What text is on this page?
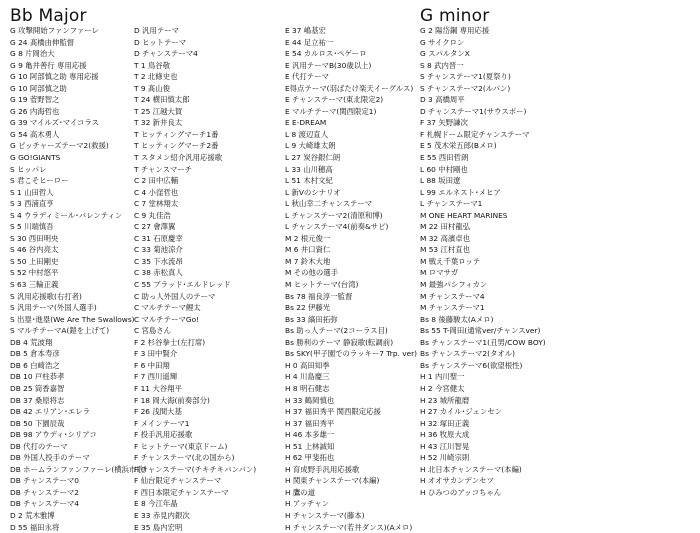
Bb Major	G minor
G 攻撃開始ファンファーレ
G 24 髙橋由伸監督
G 8 片岡治大
G 9 亀井善行 専用応援
G 10 阿部慎之助 専用応援
G 10 阿部慎之助
G 19 菅野智之
G 26 内海哲也
G 39 マイルズ･マイコラス
G 54 高木勇人
G ピッチャーズテーマ2(救援)
G GO!GIANTS
S ヒッパレ
S 君こそヒーロー
S 1 山田哲人
S 3 西浦直亨
S 4 ウラディミール･バレンティン
S 5 川端慎吾
S 30 西田明央
S 46 谷内亮太
S 50 上田剛史
S 52 中村悠平
S 63 三輪正義
S 汎用応援歌(右打者)
S 汎用テーマ(外国人選手)
S 出塁･進塁(We Are The Swallows)
S マルチテーマA(鎧を上げて)
DB 4 荒波翔
DB 5 倉本寿彦
DB 6 白崎浩之
DB 10 戸柱恭孝
DB 25 筒香嘉智
DB 37 桑原将志
DB 42 エリアン･エレラ
DB 50 下園辰哉
DB 98 アウディ･シリアコ
DB 代打のテーマ
DB 外国人投手のテーマ
DB ホームランファンファーレ(横浜市歌)
DB チャンステーマ0
DB チャンステーマ2
DB チャンステーマ4
D 2 荒木雅博
D 55 福田永将
D 汎用テーマ
D ヒットテーマ
D チャンステーマ4
T 1 鳥谷敬
T 2 北條史也
T 9 髙山俊
T 24 横田慎太郎
T 25 江越大賀
T 32 新井良太
T ヒッティングマーチ1番
T ヒッティングマーチ2番
T スタメン紹介汎用応援歌
T チャンスマーチ
C 2 田中広輔
C 4 小窪哲也
C 7 堂林翔太
C 9 丸佳浩
C 27 會澤翼
C 31 石原慶幸
C 33 菊池涼介
C 35 下水流昂
C 38 赤松真人
C 55 ブラッド･エルドレッド
C 助っ人外国人のテーマ
C マルチテーマ鯉太
C マルチテーマGo!
C 宮島さん
F 2 杉谷拳士(左打席)
F 3 田中賢介
F 6 中田翔
F 7 西川遥輝
F 11 大谷翔平
F 18 岡大海(前奏部分)
F 26 浅間大基
F メインテーマ1
F 投手汎用応援歌
F ヒットテーマ(東京ドーム)
F チャンステーマ(北の国から)
F チャンステーマ(チキチキバンバン)
F 仙台限定チャンステーマ
F 西日本限定チャンステーマ
E 8 今江年晶
E 33 赤見内銀次
E 35 島内宏明
E 37 嶋基宏
E 44 足立祐一
E 54 カルロス･ペゲーロ
E 汎用テーマB(30歳以上)
E 代打テーマ
E得点テーマ(羽ばたけ楽天イーグルス)
E チャンステーマ(東北限定2)
E マルチテーマ(関西限定1)
E E-DREAM
L 8 渡辺直人
L 9 大崎雄太朗
L 27 炭谷銀仁朗
L 33 山川穂高
L 51 木村文紀
L 新Vのシナリオ
L 秋山幸二チャンステーマ
L チャンステーマ2(清原和博)
L チャンステーマ4(前奏&サビ)
M 2 根元俊一
M 6 井口資仁
M 7 鈴木大地
M その他の選手
M ヒットテーマ(台湾)
Bs 78 福良淳一監督
Bs 22 伊藤光
Bs 33 縞田拓弥
Bs 助っ人テーマ(2コーラス目)
Bs 勝利のテーマ 静寂歌(転調前)
Bs SKY(甲子園でのラッキー7 Trp. ver)
H 0 高田知季
H 4 川島慶三
H 8 明石健志
H 33 鶴岡慎也
H 37 福田秀平 関西限定応援
H 37 福田秀平
H 46 本多雄一
H 51 上林誠知
H 62 甲斐拓也
H 育成野手汎用応援歌
H 関東チャンステーマ(本編)
H 鷹の道
H アッチャン
H チャンステーマ(藤本)
H チャンステーマ(若井ダンス)(Aメロ)
G 2 陽岱鋼 専用応援
G サイクロン
G スパルタンX
S 8 武内晋一
S チャンステーマ1(夏祭り)
S チャンステーマ2(ルパン)
D 3 高橋周平
D チャンステーマ1(サウスポー)
F 37 矢野謙次
F 札幌ドーム限定チャンステーマ
E 5 茂木栄五郎(Bメロ)
E 55 西田哲朗
L 60 中村剛也
L 88 坂田遼
L 99 エルネスト･メヒア
L チャンステーマ1
M ONE HEART MARINES
M 22 田村龍弘
M 32 高濱卓也
M 53 江村直也
M 戦え千葉ロッテ
M ロマサガ
M 最強パシフィカン
M チャンステーマ4
M チャンステーマ1
Bs 8 後藤駿太(Aメロ)
Bs 55 T-岡田(通常ver/チャンスver)
Bs チャンステーマ1(丑男/COW BOY)
Bs チャンステーマ2(タオル)
Bs チャンステーマ6(欲望根性)
H 1 内川聖一
H 2 今宮健太
H 23 城所龍磨
H 27 カイル･ジェンセン
H 32 塚田正義
H 36 牧原大成
H 43 江川智晃
H 52 川崎宗則
H 北日本チャンステーマ(本編)
H オオサカンデンセツ
H ひみつのアッコちゃん
